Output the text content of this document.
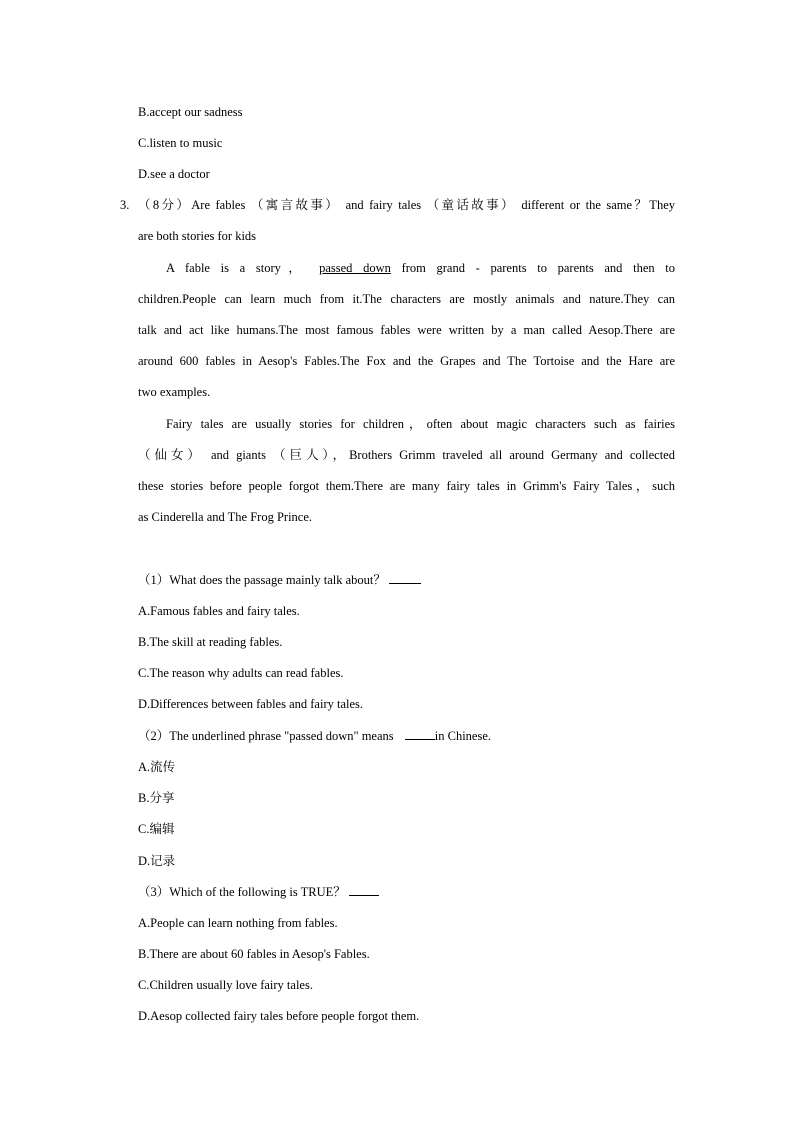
B.accept our sadness
C.listen to music
D.see a doctor
3. （8分）Are fables （寓言故事） and fairy tales （童话故事） different or the same？They
are both stories for kids
A fable is a story， passed down from grand - parents to parents and then to
children.People can learn much from it.The characters are mostly animals and nature.They can
talk and act like humans.The most famous fables were written by a man called Aesop.There are
around 600 fables in Aesop's Fables.The Fox and the Grapes and The Tortoise and the Hare are
two examples.
Fairy tales are usually stories for children，often about magic characters such as fairies
（仙女） and giants （巨人），Brothers Grimm traveled all around Germany and collected
these stories before people forgot them.There are many fairy tales in Grimm's Fairy Tales，such
as Cinderella and The Frog Prince.
（1）What does the passage mainly talk about？
A.Famous fables and fairy tales.
B.The skill at reading fables.
C.The reason why adults can read fables.
D.Differences between fables and fairy tales.
（2）The underlined phrase "passed down" means	in Chinese.
A.流传
B.分享
C.编辑
D.记录
（3）Which of the following is TRUE？
A.People can learn nothing from fables.
B.There are about 60 fables in Aesop's Fables.
C.Children usually love fairy tales.
D.Aesop collected fairy tales before people forgot them.
